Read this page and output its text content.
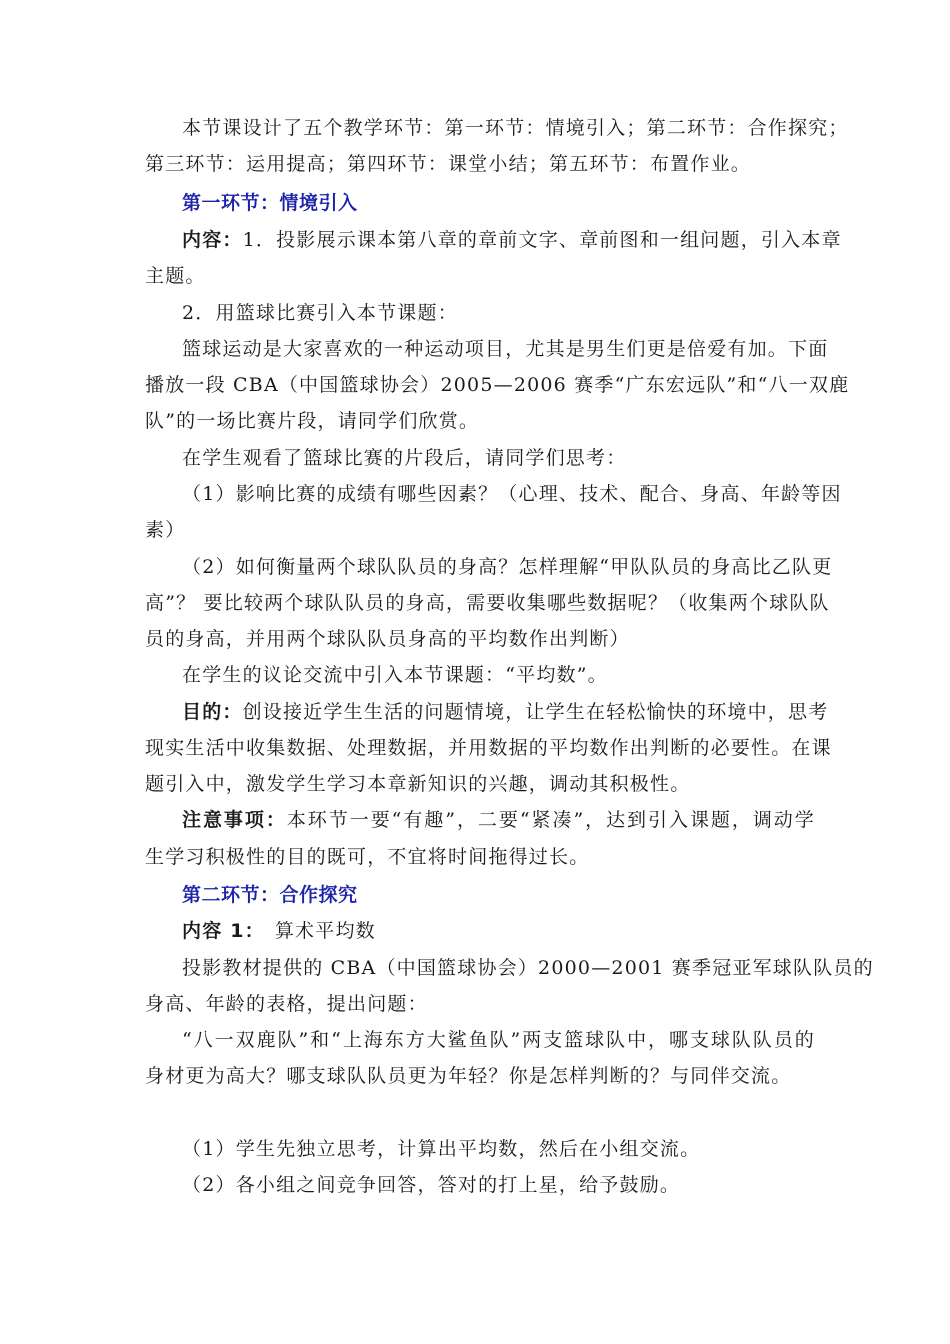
本节课设计了五个教学环节：第一环节：情境引入；第二环节：合作探究；
第三环节：运用提高；第四环节：课堂小结；第五环节：布置作业。
第一环节：情境引入
内容：1．投影展示课本第八章的章前文字、章前图和一组问题，引入本章
主题。
2．用篮球比赛引入本节课题：
篮球运动是大家喜欢的一种运动项目，尤其是男生们更是倍爱有加。下面
播放一段 CBA（中国篮球协会）2005—2006 赛季“广东宏远队”和“八一双鹿
队”的一场比赛片段，请同学们欣赏。
在学生观看了篮球比赛的片段后，请同学们思考：
（1）影响比赛的成绩有哪些因素？（心理、技术、配合、身高、年龄等因
素）
（2）如何衡量两个球队队员的身高？怎样理解“甲队队员的身高比乙队更
高”？ 要比较两个球队队员的身高，需要收集哪些数据呢？（收集两个球队队
员的身高，并用两个球队队员身高的平均数作出判断）
在学生的议论交流中引入本节课题：“平均数”。
目的：创设接近学生生活的问题情境，让学生在轻松愉快的环境中，思考
现实生活中收集数据、处理数据，并用数据的平均数作出判断的必要性。在课
题引入中，激发学生学习本章新知识的兴趣，调动其积极性。
注意事项：本环节一要“有趣”，二要“紧凑”，达到引入课题，调动学
生学习积极性的目的既可，不宜将时间拖得过长。
第二环节：合作探究
内容 1： 算术平均数
投影教材提供的 CBA（中国篮球协会）2000—2001 赛季冠亚军球队队员的
身高、年龄的表格，提出问题：
“八一双鹿队”和“上海东方大鲨鱼队”两支篮球队中，哪支球队队员的
身材更为高大？哪支球队队员更为年轻？你是怎样判断的？与同伴交流。
（1）学生先独立思考，计算出平均数，然后在小组交流。
（2）各小组之间竞争回答，答对的打上星，给予鼓励。
